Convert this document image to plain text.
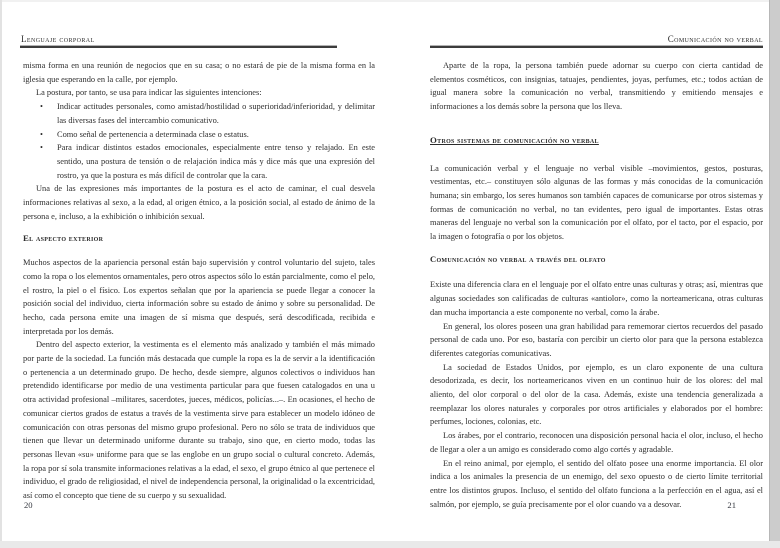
Lenguaje corporal

misma forma en una reunión de negocios que en su casa; o no estará de pie de la misma forma en la iglesia que esperando en la calle, por ejemplo.

La postura, por tanto, se usa para indicar las siguientes intenciones:

•	Indicar actitudes personales, como amistad/hostilidad o superioridad/inferioridad, y delimitar las diversas fases del intercambio comunicativo.
•	Como señal de pertenencia a determinada clase o estatus.
•	Para indicar distintos estados emocionales, especialmente entre tenso y relajado. En este sentido, una postura de tensión o de relajación indica más y dice más que una expresión del rostro, ya que la postura es más difícil de controlar que la cara.

Una de las expresiones más importantes de la postura es el acto de caminar, el cual desvela informaciones relativas al sexo, a la edad, al origen étnico, a la posición social, al estado de ánimo de la persona e, incluso, a la exhibición o inhibición sexual.

El aspecto exterior

Muchos aspectos de la apariencia personal están bajo supervisión y control voluntario del sujeto, tales como la ropa o los elementos ornamentales, pero otros aspectos sólo lo están parcialmente, como el pelo, el rostro, la piel o el físico. Los expertos señalan que por la apariencia se puede llegar a conocer la posición social del individuo, cierta información sobre su estado de ánimo y sobre su personalidad. De hecho, cada persona emite una imagen de sí misma que después, será descodificada, recibida e interpretada por los demás.

Dentro del aspecto exterior, la vestimenta es el elemento más analizado y también el más mimado por parte de la sociedad. La función más destacada que cumple la ropa es la de servir a la identificación o pertenencia a un determinado grupo. De hecho, desde siempre, algunos colectivos o individuos han pretendido identificarse por medio de una vestimenta particular para que fuesen catalogados en una u otra actividad profesional –militares, sacerdotes, jueces, médicos, policías...–. En ocasiones, el hecho de comunicar ciertos grados de estatus a través de la vestimenta sirve para establecer un modelo idóneo de comunicación con otras personas del mismo grupo profesional. Pero no sólo se trata de individuos que tienen que llevar un determinado uniforme durante su trabajo, sino que, en cierto modo, todas las personas llevan «su» uniforme para que se las englobe en un grupo social o cultural concreto. Además, la ropa por sí sola transmite informaciones relativas a la edad, el sexo, el grupo étnico al que pertenece el individuo, el grado de religiosidad, el nivel de independencia personal, la originalidad o la excentricidad, así como el concepto que tiene de su cuerpo y su sexualidad.

20
Comunicación no verbal

Aparte de la ropa, la persona también puede adornar su cuerpo con cierta cantidad de elementos cosméticos, con insignias, tatuajes, pendientes, joyas, perfumes, etc.; todos actúan de igual manera sobre la comunicación no verbal, transmitiendo y emitiendo mensajes e informaciones a los demás sobre la persona que los lleva.

Otros sistemas de comunicación no verbal

La comunicación verbal y el lenguaje no verbal visible –movimientos, gestos, posturas, vestimentas, etc.– constituyen sólo algunas de las formas y más conocidas de la comunicación humana; sin embargo, los seres humanos son también capaces de comunicarse por otros sistemas y formas de comunicación no verbal, no tan evidentes, pero igual de importantes. Estas otras maneras del lenguaje no verbal son la comunicación por el olfato, por el tacto, por el espacio, por la imagen o fotografía o por los objetos.

Comunicación no verbal a través del olfato

Existe una diferencia clara en el lenguaje por el olfato entre unas culturas y otras; así, mientras que algunas sociedades son calificadas de culturas «antiolor», como la norteamericana, otras culturas dan mucha importancia a este componente no verbal, como la árabe.

En general, los olores poseen una gran habilidad para rememorar ciertos recuerdos del pasado personal de cada uno. Por eso, bastaría con percibir un cierto olor para que la persona establezca diferentes categorías comunicativas.

La sociedad de Estados Unidos, por ejemplo, es un claro exponente de una cultura desodorizada, es decir, los norteamericanos viven en un continuo huir de los olores: del mal aliento, del olor corporal o del olor de la casa. Además, existe una tendencia generalizada a reemplazar los olores naturales y corporales por otros artificiales y elaborados por el hombre: perfumes, lociones, colonias, etc.

Los árabes, por el contrario, reconocen una disposición personal hacia el olor, incluso, el hecho de llegar a oler a un amigo es considerado como algo cortés y agradable.

En el reino animal, por ejemplo, el sentido del olfato posee una enorme importancia. El olor indica a los animales la presencia de un enemigo, del sexo opuesto o de cierto límite territorial entre los distintos grupos. Incluso, el sentido del olfato funciona a la perfección en el agua, así el salmón, por ejemplo, se guía precisamente por el olor cuando va a desovar.	21
